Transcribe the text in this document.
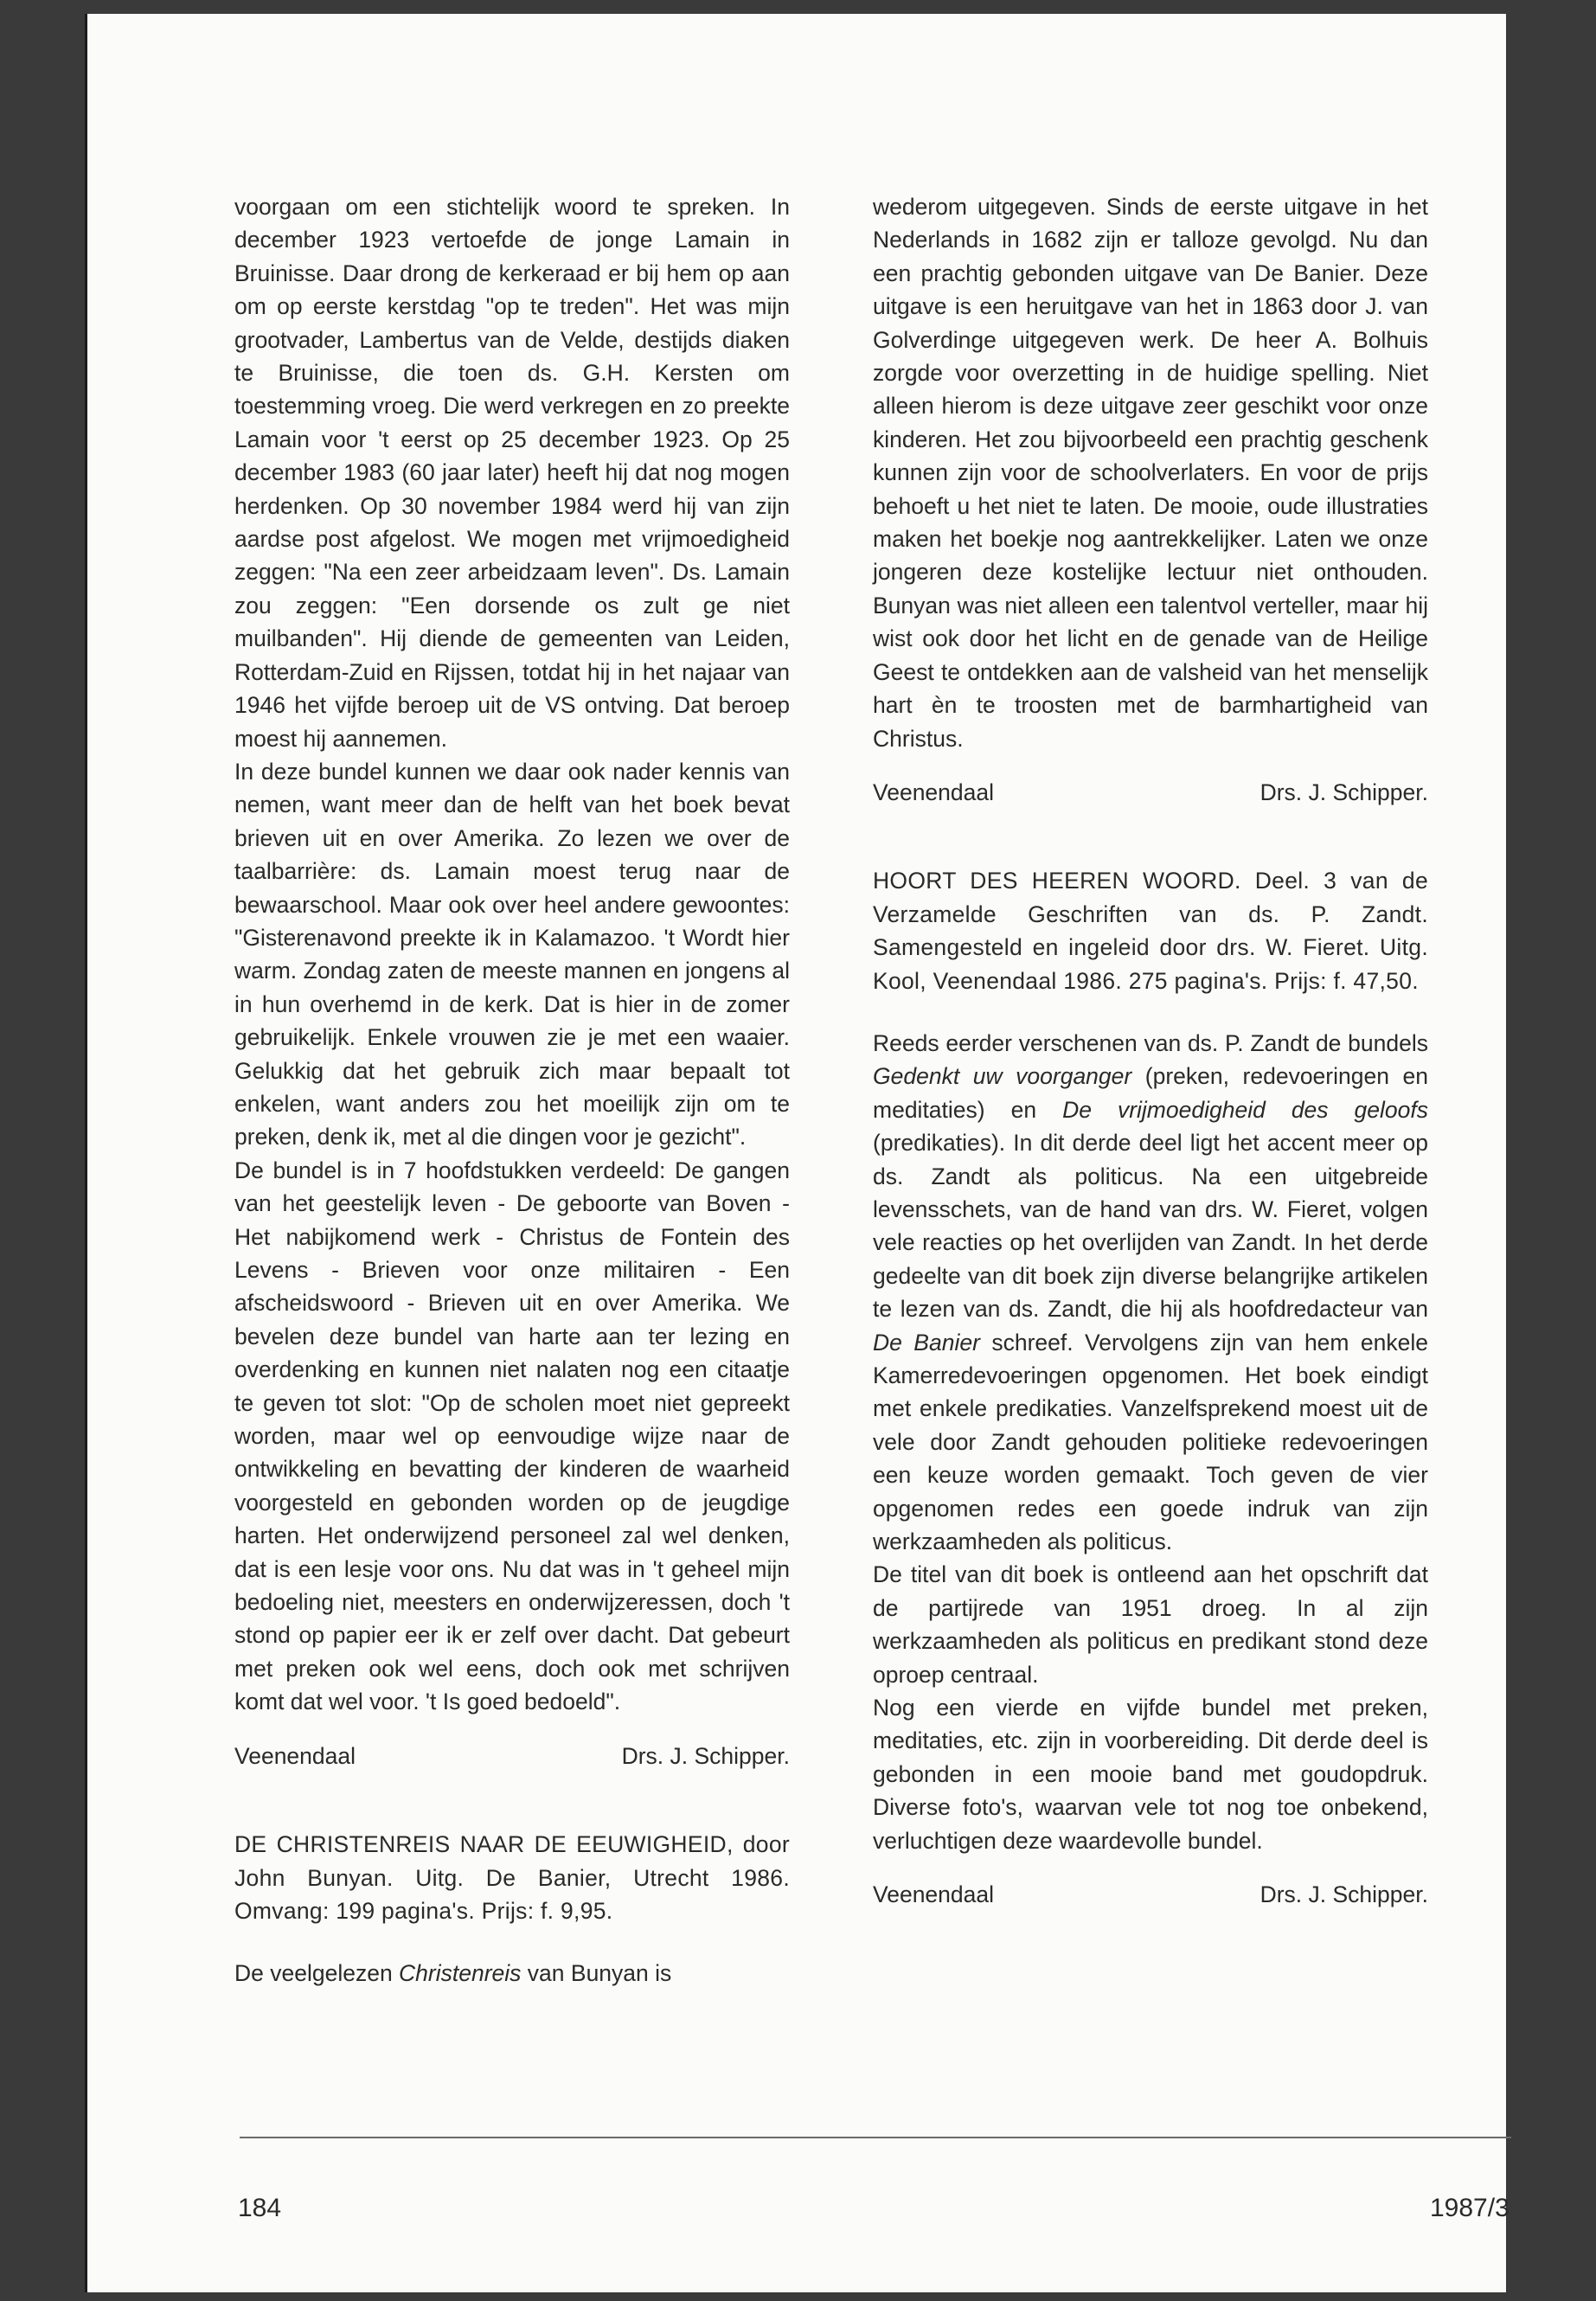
voorgaan om een stichtelijk woord te spreken. In december 1923 vertoefde de jonge Lamain in Bruinisse. Daar drong de kerkeraad er bij hem op aan om op eerste kerstdag "op te treden". Het was mijn grootvader, Lambertus van de Velde, destijds diaken te Bruinisse, die toen ds. G.H. Kersten om toestemming vroeg. Die werd verkregen en zo preekte Lamain voor 't eerst op 25 december 1923. Op 25 december 1983 (60 jaar later) heeft hij dat nog mogen herdenken. Op 30 november 1984 werd hij van zijn aardse post afgelost. We mogen met vrijmoedigheid zeggen: "Na een zeer arbeidzaam leven". Ds. Lamain zou zeggen: "Een dorsende os zult ge niet muilbanden". Hij diende de gemeenten van Leiden, Rotterdam-Zuid en Rijssen, totdat hij in het najaar van 1946 het vijfde beroep uit de VS ontving. Dat beroep moest hij aannemen.

In deze bundel kunnen we daar ook nader kennis van nemen, want meer dan de helft van het boek bevat brieven uit en over Amerika. Zo lezen we over de taalbarrière: ds. Lamain moest terug naar de bewaarschool. Maar ook over heel andere gewoontes: "Gisterenavond preekte ik in Kalamazoo. 't Wordt hier warm. Zondag zaten de meeste mannen en jongens al in hun overhemd in de kerk. Dat is hier in de zomer gebruikelijk. Enkele vrouwen zie je met een waaier. Gelukkig dat het gebruik zich maar bepaalt tot enkelen, want anders zou het moeilijk zijn om te preken, denk ik, met al die dingen voor je gezicht".

De bundel is in 7 hoofdstukken verdeeld: De gangen van het geestelijk leven - De geboorte van Boven - Het nabijkomend werk - Christus de Fontein des Levens - Brieven voor onze militairen - Een afscheidswoord - Brieven uit en over Amerika. We bevelen deze bundel van harte aan ter lezing en overdenking en kunnen niet nalaten nog een citaatje te geven tot slot: "Op de scholen moet niet gepreekt worden, maar wel op eenvoudige wijze naar de ontwikkeling en bevatting der kinderen de waarheid voorgesteld en gebonden worden op de jeugdige harten. Het onderwijzend personeel zal wel denken, dat is een lesje voor ons. Nu dat was in 't geheel mijn bedoeling niet, meesters en onderwijzeressen, doch 't stond op papier eer ik er zelf over dacht. Dat gebeurt met preken ook wel eens, doch ook met schrijven komt dat wel voor. 't Is goed bedoeld".

Veenendaal	Drs. J. Schipper.

DE CHRISTENREIS NAAR DE EEUWIGHEID, door John Bunyan. Uitg. De Banier, Utrecht 1986. Omvang: 199 pagina's. Prijs: f. 9,95.

De veelgelezen Christenreis van Bunyan is

wederom uitgegeven. Sinds de eerste uitgave in het Nederlands in 1682 zijn er talloze gevolgd. Nu dan een prachtig gebonden uitgave van De Banier. Deze uitgave is een heruitgave van het in 1863 door J. van Golverdinge uitgegeven werk. De heer A. Bolhuis zorgde voor overzetting in de huidige spelling. Niet alleen hierom is deze uitgave zeer geschikt voor onze kinderen. Het zou bijvoorbeeld een prachtig geschenk kunnen zijn voor de schoolverlaters. En voor de prijs behoeft u het niet te laten. De mooie, oude illustraties maken het boekje nog aantrekkelijker. Laten we onze jongeren deze kostelijke lectuur niet onthouden. Bunyan was niet alleen een talentvol verteller, maar hij wist ook door het licht en de genade van de Heilige Geest te ontdekken aan de valsheid van het menselijk hart èn te troosten met de barmhartigheid van Christus.

Veenendaal	Drs. J. Schipper.

HOORT DES HEEREN WOORD. Deel. 3 van de Verzamelde Geschriften van ds. P. Zandt. Samengesteld en ingeleid door drs. W. Fieret. Uitg. Kool, Veenendaal 1986. 275 pagina's. Prijs: f. 47,50.

Reeds eerder verschenen van ds. P. Zandt de bundels Gedenkt uw voorganger (preken, redevoeringen en meditaties) en De vrijmoedigheid des geloofs (predikaties). In dit derde deel ligt het accent meer op ds. Zandt als politicus. Na een uitgebreide levensschets, van de hand van drs. W. Fieret, volgen vele reacties op het overlijden van Zandt. In het derde gedeelte van dit boek zijn diverse belangrijke artikelen te lezen van ds. Zandt, die hij als hoofdredacteur van De Banier schreef. Vervolgens zijn van hem enkele Kamerredevoeringen opgenomen. Het boek eindigt met enkele predikaties. Vanzelfsprekend moest uit de vele door Zandt gehouden politieke redevoeringen een keuze worden gemaakt. Toch geven de vier opgenomen redes een goede indruk van zijn werkzaamheden als politicus.

De titel van dit boek is ontleend aan het opschrift dat de partijrede van 1951 droeg. In al zijn werkzaamheden als politicus en predikant stond deze oproep centraal.

Nog een vierde en vijfde bundel met preken, meditaties, etc. zijn in voorbereiding. Dit derde deel is gebonden in een mooie band met goudopdruk. Diverse foto's, waarvan vele tot nog toe onbekend, verluchtigen deze waardevolle bundel.

Veenendaal	Drs. J. Schipper.
184	1987/3
